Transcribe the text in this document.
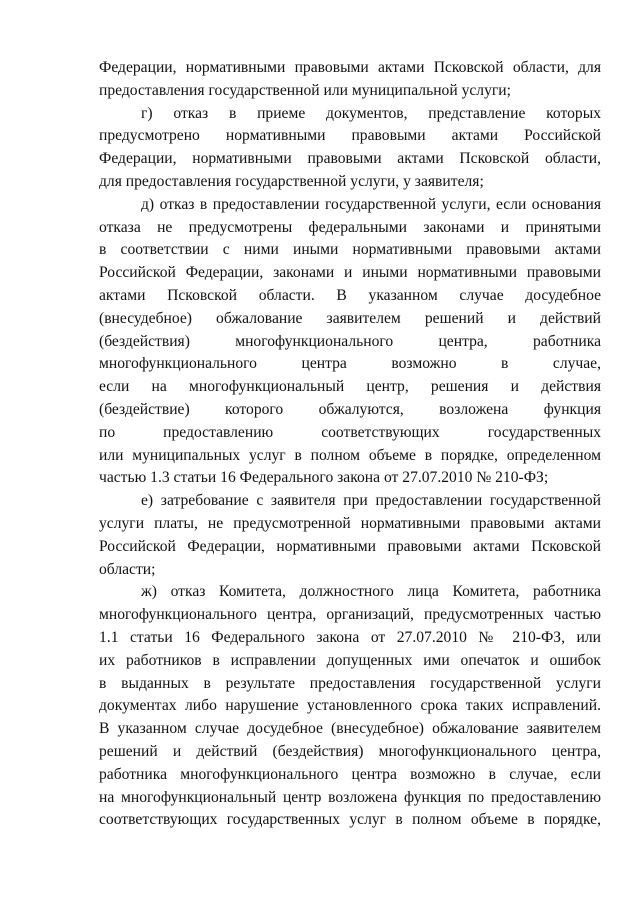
Федерации, нормативными правовыми актами Псковской области, для
предоставления государственной или муниципальной услуги;
г) отказ в приеме документов, представление которых
предусмотрено нормативными правовыми актами Российской
Федерации, нормативными правовыми актами Псковской области,
для предоставления государственной услуги, у заявителя;
д) отказ в предоставлении государственной услуги, если основания
отказа не предусмотрены федеральными законами и принятыми
в соответствии с ними иными нормативными правовыми актами
Российской Федерации, законами и иными нормативными правовыми
актами Псковской области. В указанном случае досудебное
(внесудебное) обжалование заявителем решений и действий
(бездействия) многофункционального центра, работника
многофункционального центра возможно в случае,
если на многофункциональный центр, решения и действия
(бездействие) которого обжалуются, возложена функция
по предоставлению соответствующих государственных
или муниципальных услуг в полном объеме в порядке, определенном
частью 1.3 статьи 16 Федерального закона от 27.07.2010 № 210-ФЗ;
е) затребование с заявителя при предоставлении государственной
услуги платы, не предусмотренной нормативными правовыми актами
Российской Федерации, нормативными правовыми актами Псковской
области;
ж) отказ Комитета, должностного лица Комитета, работника
многофункционального центра, организаций, предусмотренных частью
1.1 статьи 16 Федерального закона от 27.07.2010 № 210-ФЗ, или
их работников в исправлении допущенных ими опечаток и ошибок
в выданных в результате предоставления государственной услуги
документах либо нарушение установленного срока таких исправлений.
В указанном случае досудебное (внесудебное) обжалование заявителем
решений и действий (бездействия) многофункционального центра,
работника многофункционального центра возможно в случае, если
на многофункциональный центр возложена функция по предоставлению
соответствующих государственных услуг в полном объеме в порядке,
